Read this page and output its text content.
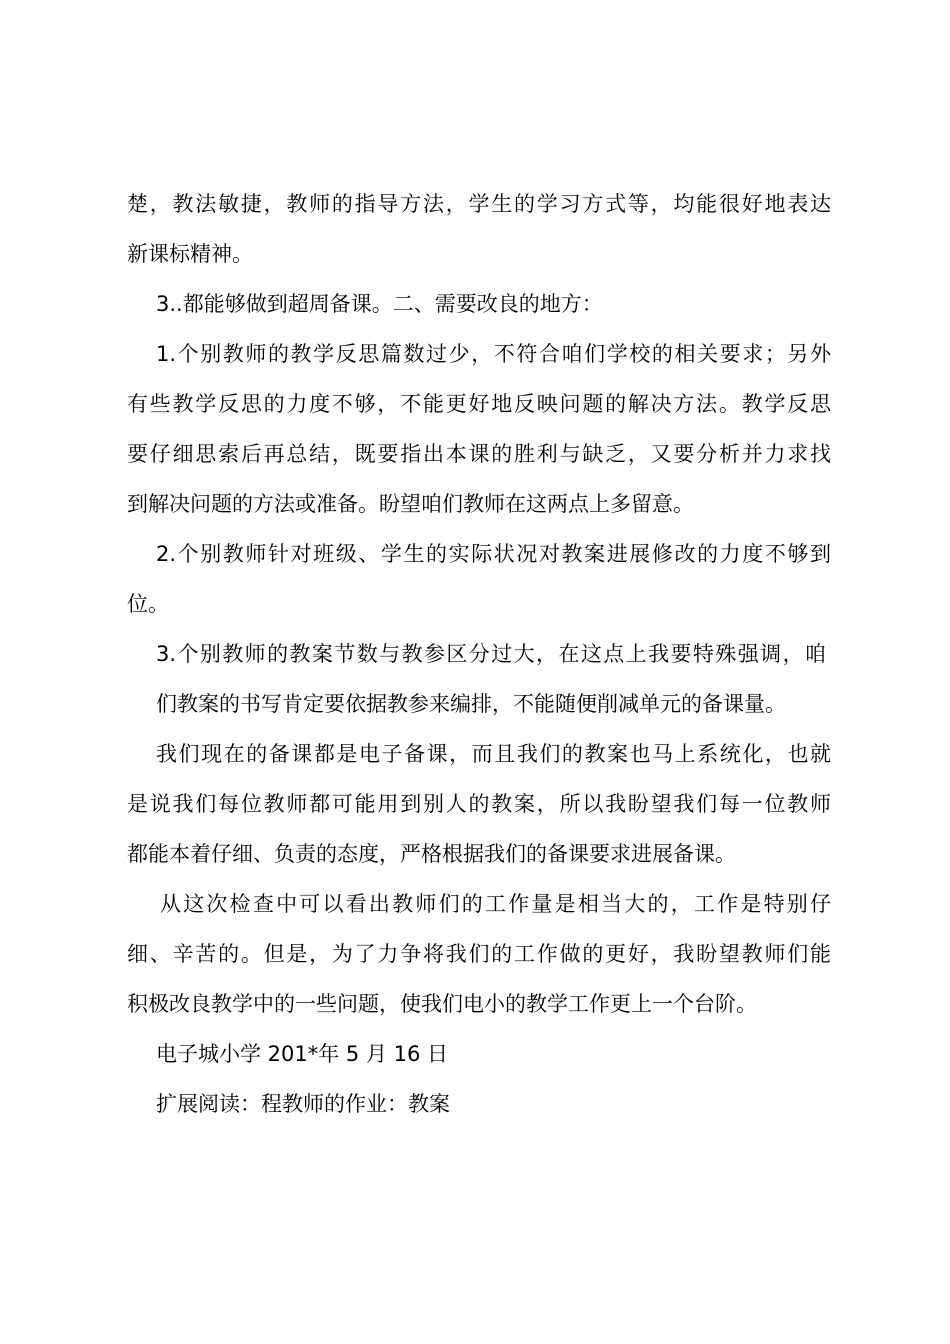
楚，教法敏捷，教师的指导方法，学生的学习方式等，均能很好地表达

新课标精神。

3..都能够做到超周备课。二、需要改良的地方：

1.个别教师的教学反思篇数过少，不符合咱们学校的相关要求；另外

有些教学反思的力度不够，不能更好地反映问题的解决方法。教学反思

要仔细思索后再总结，既要指出本课的胜利与缺乏，又要分析并力求找

到解决问题的方法或准备。盼望咱们教师在这两点上多留意。

2.个别教师针对班级、学生的实际状况对教案进展修改的力度不够到

位。

3.个别教师的教案节数与教参区分过大，在这点上我要特殊强调，咱

们教案的书写肯定要依据教参来编排，不能随便削减单元的备课量。

我们现在的备课都是电子备课，而且我们的教案也马上系统化，也就

是说我们每位教师都可能用到别人的教案，所以我盼望我们每一位教师

都能本着仔细、负责的态度，严格根据我们的备课要求进展备课。

从这次检查中可以看出教师们的工作量是相当大的，工作是特别仔

细、辛苦的。但是，为了力争将我们的工作做的更好，我盼望教师们能

积极改良教学中的一些问题，使我们电小的教学工作更上一个台阶。

电子城小学 201*年 5 月 16 日

扩展阅读：程教师的作业：教案
